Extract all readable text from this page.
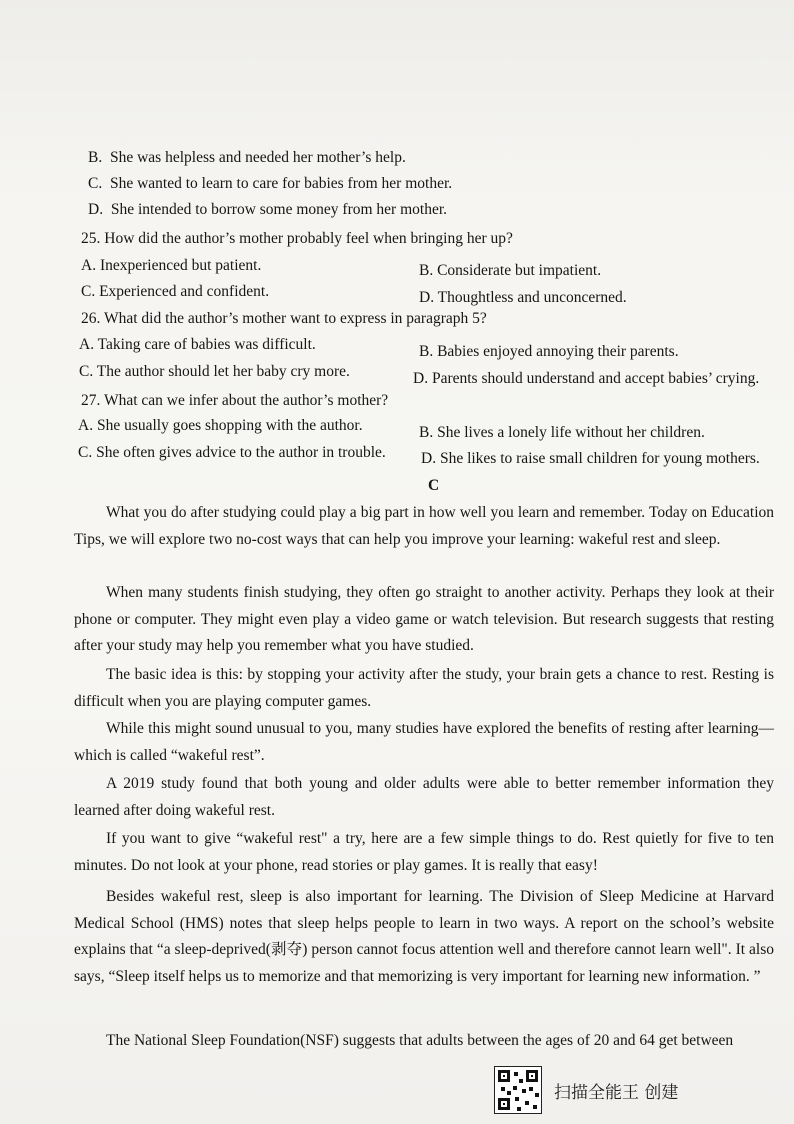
B. She was helpless and needed her mother’s help.
C. She wanted to learn to care for babies from her mother.
D. She intended to borrow some money from her mother.
25. How did the author’s mother probably feel when bringing her up?
A. Inexperienced but patient.	B. Considerate but impatient.
C. Experienced and confident.	D. Thoughtless and unconcerned.
26. What did the author’s mother want to express in paragraph 5?
A. Taking care of babies was difficult.	B. Babies enjoyed annoying their parents.
C. The author should let her baby cry more.	D. Parents should understand and accept babies’ crying.
27. What can we infer about the author’s mother?
A. She usually goes shopping with the author.	B. She lives a lonely life without her children.
C. She often gives advice to the author in trouble. D. She likes to raise small children for young mothers.
C
What you do after studying could play a big part in how well you learn and remember. Today on Education Tips, we will explore two no-cost ways that can help you improve your learning: wakeful rest and sleep.
When many students finish studying, they often go straight to another activity. Perhaps they look at their phone or computer. They might even play a video game or watch television. But research suggests that resting after your study may help you remember what you have studied.
The basic idea is this: by stopping your activity after the study, your brain gets a chance to rest. Resting is difficult when you are playing computer games.
While this might sound unusual to you, many studies have explored the benefits of resting after learning—which is called “wakeful rest”.
A 2019 study found that both young and older adults were able to better remember information they learned after doing wakeful rest.
If you want to give “wakeful rest" a try, here are a few simple things to do. Rest quietly for five to ten minutes. Do not look at your phone, read stories or play games. It is really that easy!
Besides wakeful rest, sleep is also important for learning. The Division of Sleep Medicine at Harvard Medical School (HMS) notes that sleep helps people to learn in two ways. A report on the school’s website explains that “a sleep-deprived(剥夺) person cannot focus attention well and therefore cannot learn well". It also says, “Sleep itself helps us to memorize and that memorizing is very important for learning new information. ”
The National Sleep Foundation(NSF) suggests that adults between the ages of 20 and 64 get between
扫描全能王 创建
